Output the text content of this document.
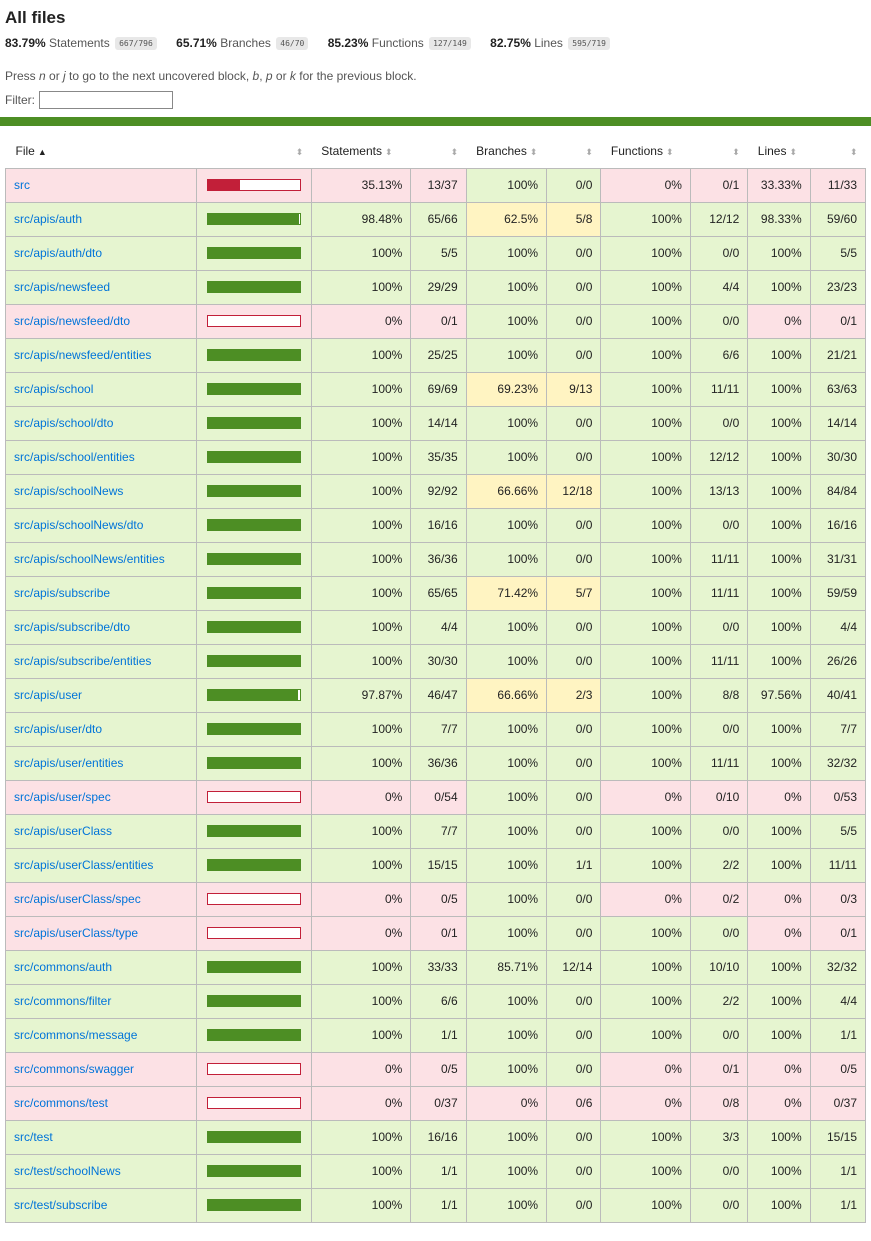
All files
83.79% Statements 667/796 65.71% Branches 46/70 85.23% Functions 127/149 82.75% Lines 595/719
Press n or j to go to the next uncovered block, b, p or k for the previous block.
Filter:
File ▲	⬍	Statements ⬍	⬍	Branches ⬍	⬍	Functions ⬍	⬍	Lines ⬍	⬍
src		35.13%	13/37	100%	0/0	0%	0/1	33.33%	11/33
src/apis/auth		98.48%	65/66	62.5%	5/8	100%	12/12	98.33%	59/60
src/apis/auth/dto		100%	5/5	100%	0/0	100%	0/0	100%	5/5
src/apis/newsfeed		100%	29/29	100%	0/0	100%	4/4	100%	23/23
src/apis/newsfeed/dto		0%	0/1	100%	0/0	100%	0/0	0%	0/1
src/apis/newsfeed/entities		100%	25/25	100%	0/0	100%	6/6	100%	21/21
src/apis/school		100%	69/69	69.23%	9/13	100%	11/11	100%	63/63
src/apis/school/dto		100%	14/14	100%	0/0	100%	0/0	100%	14/14
src/apis/school/entities		100%	35/35	100%	0/0	100%	12/12	100%	30/30
src/apis/schoolNews		100%	92/92	66.66%	12/18	100%	13/13	100%	84/84
src/apis/schoolNews/dto		100%	16/16	100%	0/0	100%	0/0	100%	16/16
src/apis/schoolNews/entities		100%	36/36	100%	0/0	100%	11/11	100%	31/31
src/apis/subscribe		100%	65/65	71.42%	5/7	100%	11/11	100%	59/59
src/apis/subscribe/dto		100%	4/4	100%	0/0	100%	0/0	100%	4/4
src/apis/subscribe/entities		100%	30/30	100%	0/0	100%	11/11	100%	26/26
src/apis/user		97.87%	46/47	66.66%	2/3	100%	8/8	97.56%	40/41
src/apis/user/dto		100%	7/7	100%	0/0	100%	0/0	100%	7/7
src/apis/user/entities		100%	36/36	100%	0/0	100%	11/11	100%	32/32
src/apis/user/spec		0%	0/54	100%	0/0	0%	0/10	0%	0/53
src/apis/userClass		100%	7/7	100%	0/0	100%	0/0	100%	5/5
src/apis/userClass/entities		100%	15/15	100%	1/1	100%	2/2	100%	11/11
src/apis/userClass/spec		0%	0/5	100%	0/0	0%	0/2	0%	0/3
src/apis/userClass/type		0%	0/1	100%	0/0	100%	0/0	0%	0/1
src/commons/auth		100%	33/33	85.71%	12/14	100%	10/10	100%	32/32
src/commons/filter		100%	6/6	100%	0/0	100%	2/2	100%	4/4
src/commons/message		100%	1/1	100%	0/0	100%	0/0	100%	1/1
src/commons/swagger		0%	0/5	100%	0/0	0%	0/1	0%	0/5
src/commons/test		0%	0/37	0%	0/6	0%	0/8	0%	0/37
src/test		100%	16/16	100%	0/0	100%	3/3	100%	15/15
src/test/schoolNews		100%	1/1	100%	0/0	100%	0/0	100%	1/1
src/test/subscribe		100%	1/1	100%	0/0	100%	0/0	100%	1/1
